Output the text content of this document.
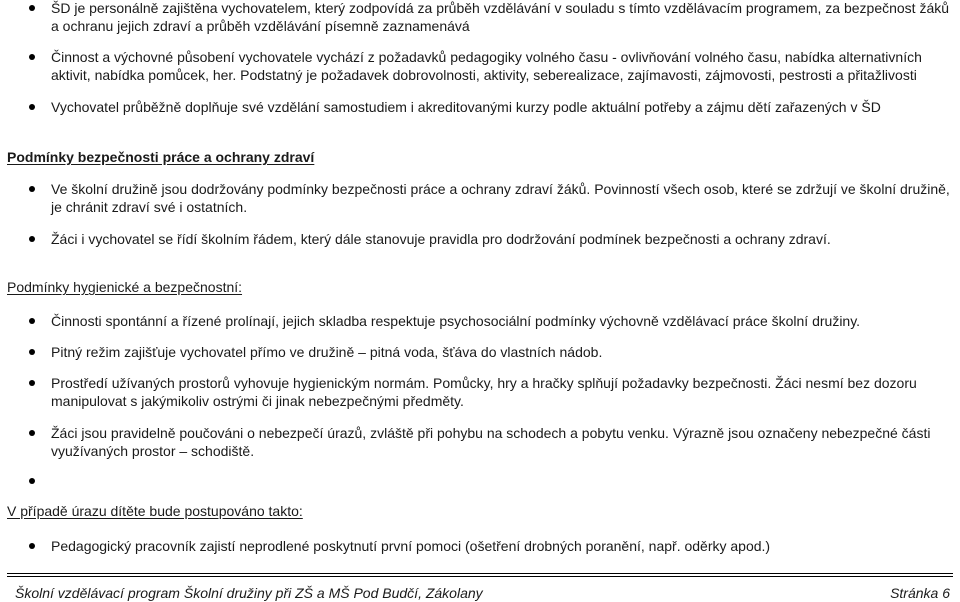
ŠD je personálně zajištěna vychovatelem, který zodpovídá za průběh vzdělávání v souladu s tímto vzdělávacím programem, za bezpečnost žáků a ochranu jejich zdraví a průběh vzdělávání písemně zaznamenává
Činnost a výchovné působení vychovatele vychází z požadavků pedagogiky volného času - ovlivňování volného času, nabídka alternativních aktivit, nabídka pomůcek, her. Podstatný je požadavek dobrovolnosti, aktivity, seberealizace, zajímavosti, zájmovosti, pestrosti a přitažlivosti
Vychovatel průběžně doplňuje své vzdělání samostudiem i akreditovanými kurzy podle aktuální potřeby a zájmu dětí zařazených v ŠD
Podmínky bezpečnosti práce a ochrany zdraví
Ve školní družině jsou dodržovány podmínky bezpečnosti práce a ochrany zdraví žáků. Povinností všech osob, které se zdržují ve školní družině, je chránit zdraví své i ostatních.
Žáci i vychovatel se řídí školním řádem, který dále stanovuje pravidla pro dodržování podmínek bezpečnosti a ochrany zdraví.
Podmínky hygienické a bezpečnostní:
Činnosti spontánní a řízené prolínají, jejich skladba respektuje psychosociální podmínky výchovně vzdělávací práce školní družiny.
Pitný režim zajišťuje vychovatel přímo ve družině – pitná voda, šťáva do vlastních nádob.
Prostředí užívaných prostorů vyhovuje hygienickým normám. Pomůcky, hry a hračky splňují požadavky bezpečnosti. Žáci nesmí bez dozoru manipulovat s jakýmikoliv ostrými či jinak nebezpečnými předměty.
Žáci jsou pravidelně poučováni o nebezpečí úrazů, zvláště při pohybu na schodech a pobytu venku. Výrazně jsou označeny nebezpečné části využívaných prostor – schodiště.
V případě úrazu dítěte bude postupováno takto:
Pedagogický pracovník zajistí neprodlené poskytnutí první pomoci (ošetření drobných poranění, např. oděrky apod.)
Školní vzdělávací program Školní družiny při ZŠ a MŠ Pod Budčí, Zákolany	Stránka 6
